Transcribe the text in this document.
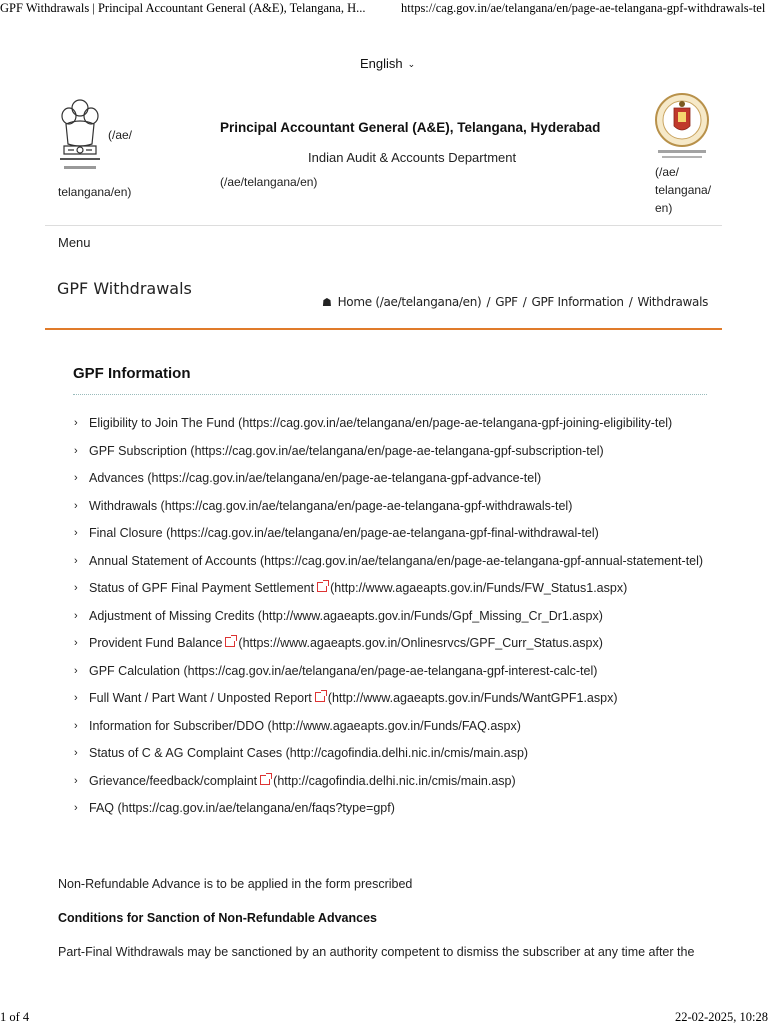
GPF Withdrawals | Principal Accountant General (A&E), Telangana, H...	https://cag.gov.in/ae/telangana/en/page-ae-telangana-gpf-withdrawals-tel
English ⌄
(/ae/
telangana/en)
Principal Accountant General (A&E), Telangana, Hyderabad
Indian Audit & Accounts Department
(/ae/telangana/en)
(/ae/ telangana/ en)
Menu
GPF Withdrawals
☗ Home (/ae/telangana/en) / GPF / GPF Information / Withdrawals
GPF Information
› Eligibility to Join The Fund (https://cag.gov.in/ae/telangana/en/page-ae-telangana-gpf-joining-eligibility-tel)
› GPF Subscription (https://cag.gov.in/ae/telangana/en/page-ae-telangana-gpf-subscription-tel)
› Advances (https://cag.gov.in/ae/telangana/en/page-ae-telangana-gpf-advance-tel)
› Withdrawals (https://cag.gov.in/ae/telangana/en/page-ae-telangana-gpf-withdrawals-tel)
› Final Closure (https://cag.gov.in/ae/telangana/en/page-ae-telangana-gpf-final-withdrawal-tel)
› Annual Statement of Accounts (https://cag.gov.in/ae/telangana/en/page-ae-telangana-gpf-annual-statement-tel)
› Status of GPF Final Payment Settlement (http://www.agaeapts.gov.in/Funds/FW_Status1.aspx)
› Adjustment of Missing Credits (http://www.agaeapts.gov.in/Funds/Gpf_Missing_Cr_Dr1.aspx)
› Provident Fund Balance (https://www.agaeapts.gov.in/Onlinesrvcs/GPF_Curr_Status.aspx)
› GPF Calculation (https://cag.gov.in/ae/telangana/en/page-ae-telangana-gpf-interest-calc-tel)
› Full Want / Part Want / Unposted Report (http://www.agaeapts.gov.in/Funds/WantGPF1.aspx)
› Information for Subscriber/DDO (http://www.agaeapts.gov.in/Funds/FAQ.aspx)
› Status of C & AG Complaint Cases (http://cagofindia.delhi.nic.in/cmis/main.asp)
› Grievance/feedback/complaint (http://cagofindia.delhi.nic.in/cmis/main.asp)
› FAQ (https://cag.gov.in/ae/telangana/en/faqs?type=gpf)
Non-Refundable Advance is to be applied in the form prescribed
Conditions for Sanction of Non-Refundable Advances
Part-Final Withdrawals may be sanctioned by an authority competent to dismiss the subscriber at any time after the
1 of 4	22-02-2025, 10:28
